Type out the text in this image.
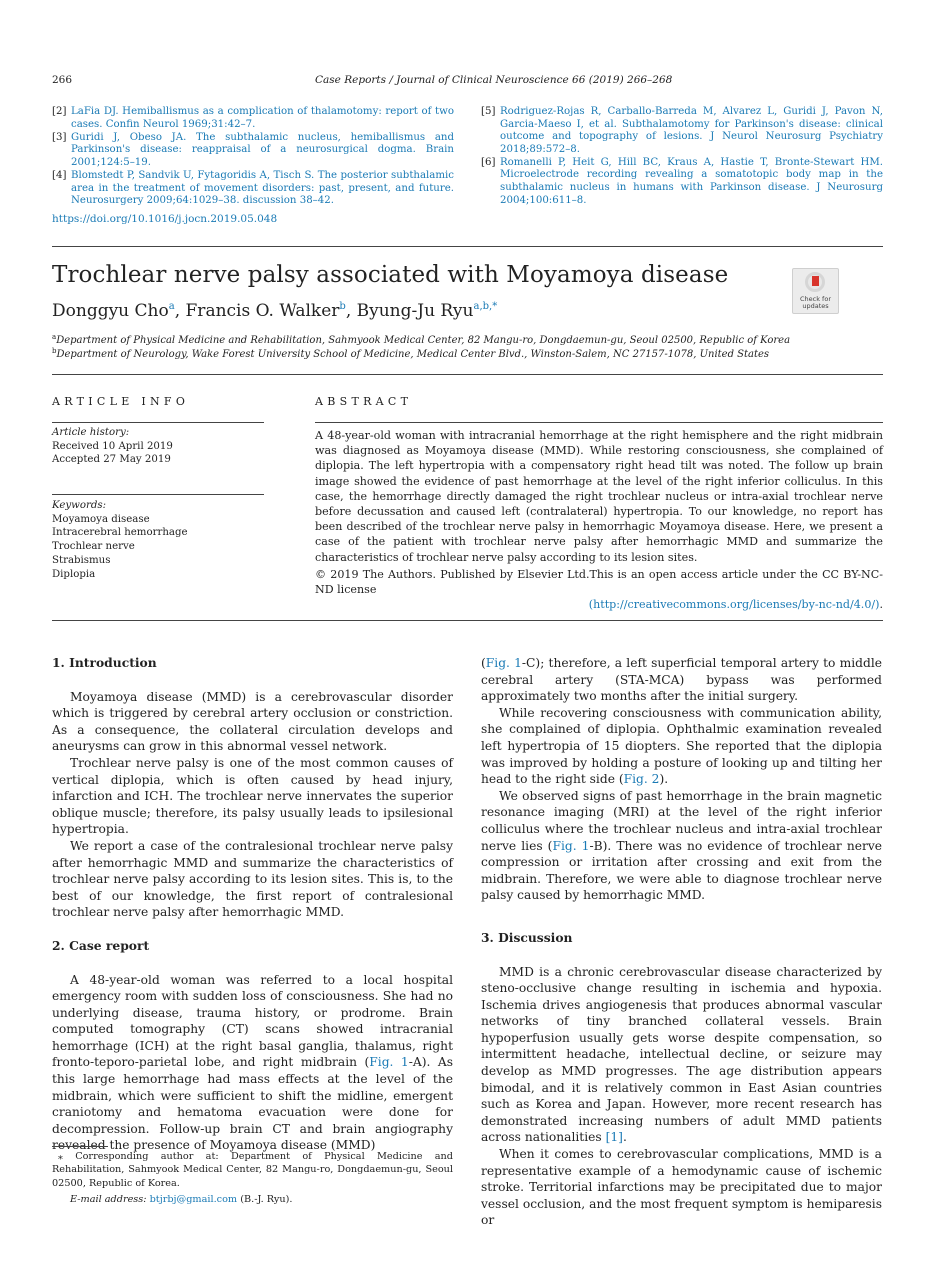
266	Case Reports / Journal of Clinical Neuroscience 66 (2019) 266–268
[2] LaFia DJ. Hemiballismus as a complication of thalamotomy: report of two cases. Confin Neurol 1969;31:42–7.
[3] Guridi J, Obeso JA. The subthalamic nucleus, hemiballismus and Parkinson's disease: reappraisal of a neurosurgical dogma. Brain 2001;124:5–19.
[4] Blomstedt P, Sandvik U, Fytagoridis A, Tisch S. The posterior subthalamic area in the treatment of movement disorders: past, present, and future. Neurosurgery 2009;64:1029–38. discussion 38–42.
[5] Rodriguez-Rojas R, Carballo-Barreda M, Alvarez L, Guridi J, Pavon N, Garcia-Maeso I, et al. Subthalamotomy for Parkinson's disease: clinical outcome and topography of lesions. J Neurol Neurosurg Psychiatry 2018;89:572–8.
[6] Romanelli P, Heit G, Hill BC, Kraus A, Hastie T, Bronte-Stewart HM. Microelectrode recording revealing a somatotopic body map in the subthalamic nucleus in humans with Parkinson disease. J Neurosurg 2004;100:611–8.
https://doi.org/10.1016/j.jocn.2019.05.048
Trochlear nerve palsy associated with Moyamoya disease
Donggyu Cho$^a$, Francis O. Walker$^b$, Byung-Ju Ryu$^{a,b,*}$
Check for
updates
$^a$Department of Physical Medicine and Rehabilitation, Sahmyook Medical Center, 82 Mangu-ro, Dongdaemun-gu, Seoul 02500, Republic of Korea
$^b$Department of Neurology, Wake Forest University School of Medicine, Medical Center Blvd., Winston-Salem, NC 27157-1078, United States
ARTICLE INFO
Article history:
Received 10 April 2019
Accepted 27 May 2019
Keywords:
Moyamoya disease
Intracerebral hemorrhage
Trochlear nerve
Strabismus
Diplopia
ABSTRACT
A 48-year-old woman with intracranial hemorrhage at the right hemisphere and the right midbrain was diagnosed as Moyamoya disease (MMD). While restoring consciousness, she complained of diplopia. The left hypertropia with a compensatory right head tilt was noted. The follow up brain image showed the evidence of past hemorrhage at the level of the right inferior colliculus. In this case, the hemorrhage directly damaged the right trochlear nucleus or intra-axial trochlear nerve before decussation and caused left (contralateral) hypertropia. To our knowledge, no report has been described of the trochlear nerve palsy in hemorrhagic Moyamoya disease. Here, we present a case of the patient with trochlear nerve palsy after hemorrhagic MMD and summarize the characteristics of trochlear nerve palsy according to its lesion sites.
© 2019 The Authors. Published by Elsevier Ltd.This is an open access article under the CC BY-NC-ND license
(http://creativecommons.org/licenses/by-nc-nd/4.0/).
1. Introduction

Moyamoya disease (MMD) is a cerebrovascular disorder which is triggered by cerebral artery occlusion or constriction. As a consequence, the collateral circulation develops and aneurysms can grow in this abnormal vessel network.

Trochlear nerve palsy is one of the most common causes of vertical diplopia, which is often caused by head injury, infarction and ICH. The trochlear nerve innervates the superior oblique muscle; therefore, its palsy usually leads to ipsilesional hypertropia.

We report a case of the contralesional trochlear nerve palsy after hemorrhagic MMD and summarize the characteristics of trochlear nerve palsy according to its lesion sites. This is, to the best of our knowledge, the first report of contralesional trochlear nerve palsy after hemorrhagic MMD.

2. Case report

A 48-year-old woman was referred to a local hospital emergency room with sudden loss of consciousness. She had no underlying disease, trauma history, or prodrome. Brain computed tomography (CT) scans showed intracranial hemorrhage (ICH) at the right basal ganglia, thalamus, right fronto-teporo-parietal lobe, and right midbrain (Fig. 1-A). As this large hemorrhage had mass effects at the level of the midbrain, which were sufficient to shift the midline, emergent craniotomy and hematoma evacuation were done for decompression. Follow-up brain CT and brain angiography revealed the presence of Moyamoya disease (MMD)

⁎ Corresponding author at: Department of Physical Medicine and Rehabilitation, Sahmyook Medical Center, 82 Mangu-ro, Dongdaemun-gu, Seoul 02500, Republic of Korea.
E-mail address: btjrbj@gmail.com (B.-J. Ryu).

(Fig. 1-C); therefore, a left superficial temporal artery to middle cerebral artery (STA-MCA) bypass was performed approximately two months after the initial surgery.

While recovering consciousness with communication ability, she complained of diplopia. Ophthalmic examination revealed left hypertropia of 15 diopters. She reported that the diplopia was improved by holding a posture of looking up and tilting her head to the right side (Fig. 2).

We observed signs of past hemorrhage in the brain magnetic resonance imaging (MRI) at the level of the right inferior colliculus where the trochlear nucleus and intra-axial trochlear nerve lies (Fig. 1-B). There was no evidence of trochlear nerve compression or irritation after crossing and exit from the midbrain. Therefore, we were able to diagnose trochlear nerve palsy caused by hemorrhagic MMD.

3. Discussion

MMD is a chronic cerebrovascular disease characterized by steno-occlusive change resulting in ischemia and hypoxia. Ischemia drives angiogenesis that produces abnormal vascular networks of tiny branched collateral vessels. Brain hypoperfusion usually gets worse despite compensation, so intermittent headache, intellectual decline, or seizure may develop as MMD progresses. The age distribution appears bimodal, and it is relatively common in East Asian countries such as Korea and Japan. However, more recent research has demonstrated increasing numbers of adult MMD patients across nationalities [1].

When it comes to cerebrovascular complications, MMD is a representative example of a hemodynamic cause of ischemic stroke. Territorial infarctions may be precipitated due to major vessel occlusion, and the most frequent symptom is hemiparesis or
